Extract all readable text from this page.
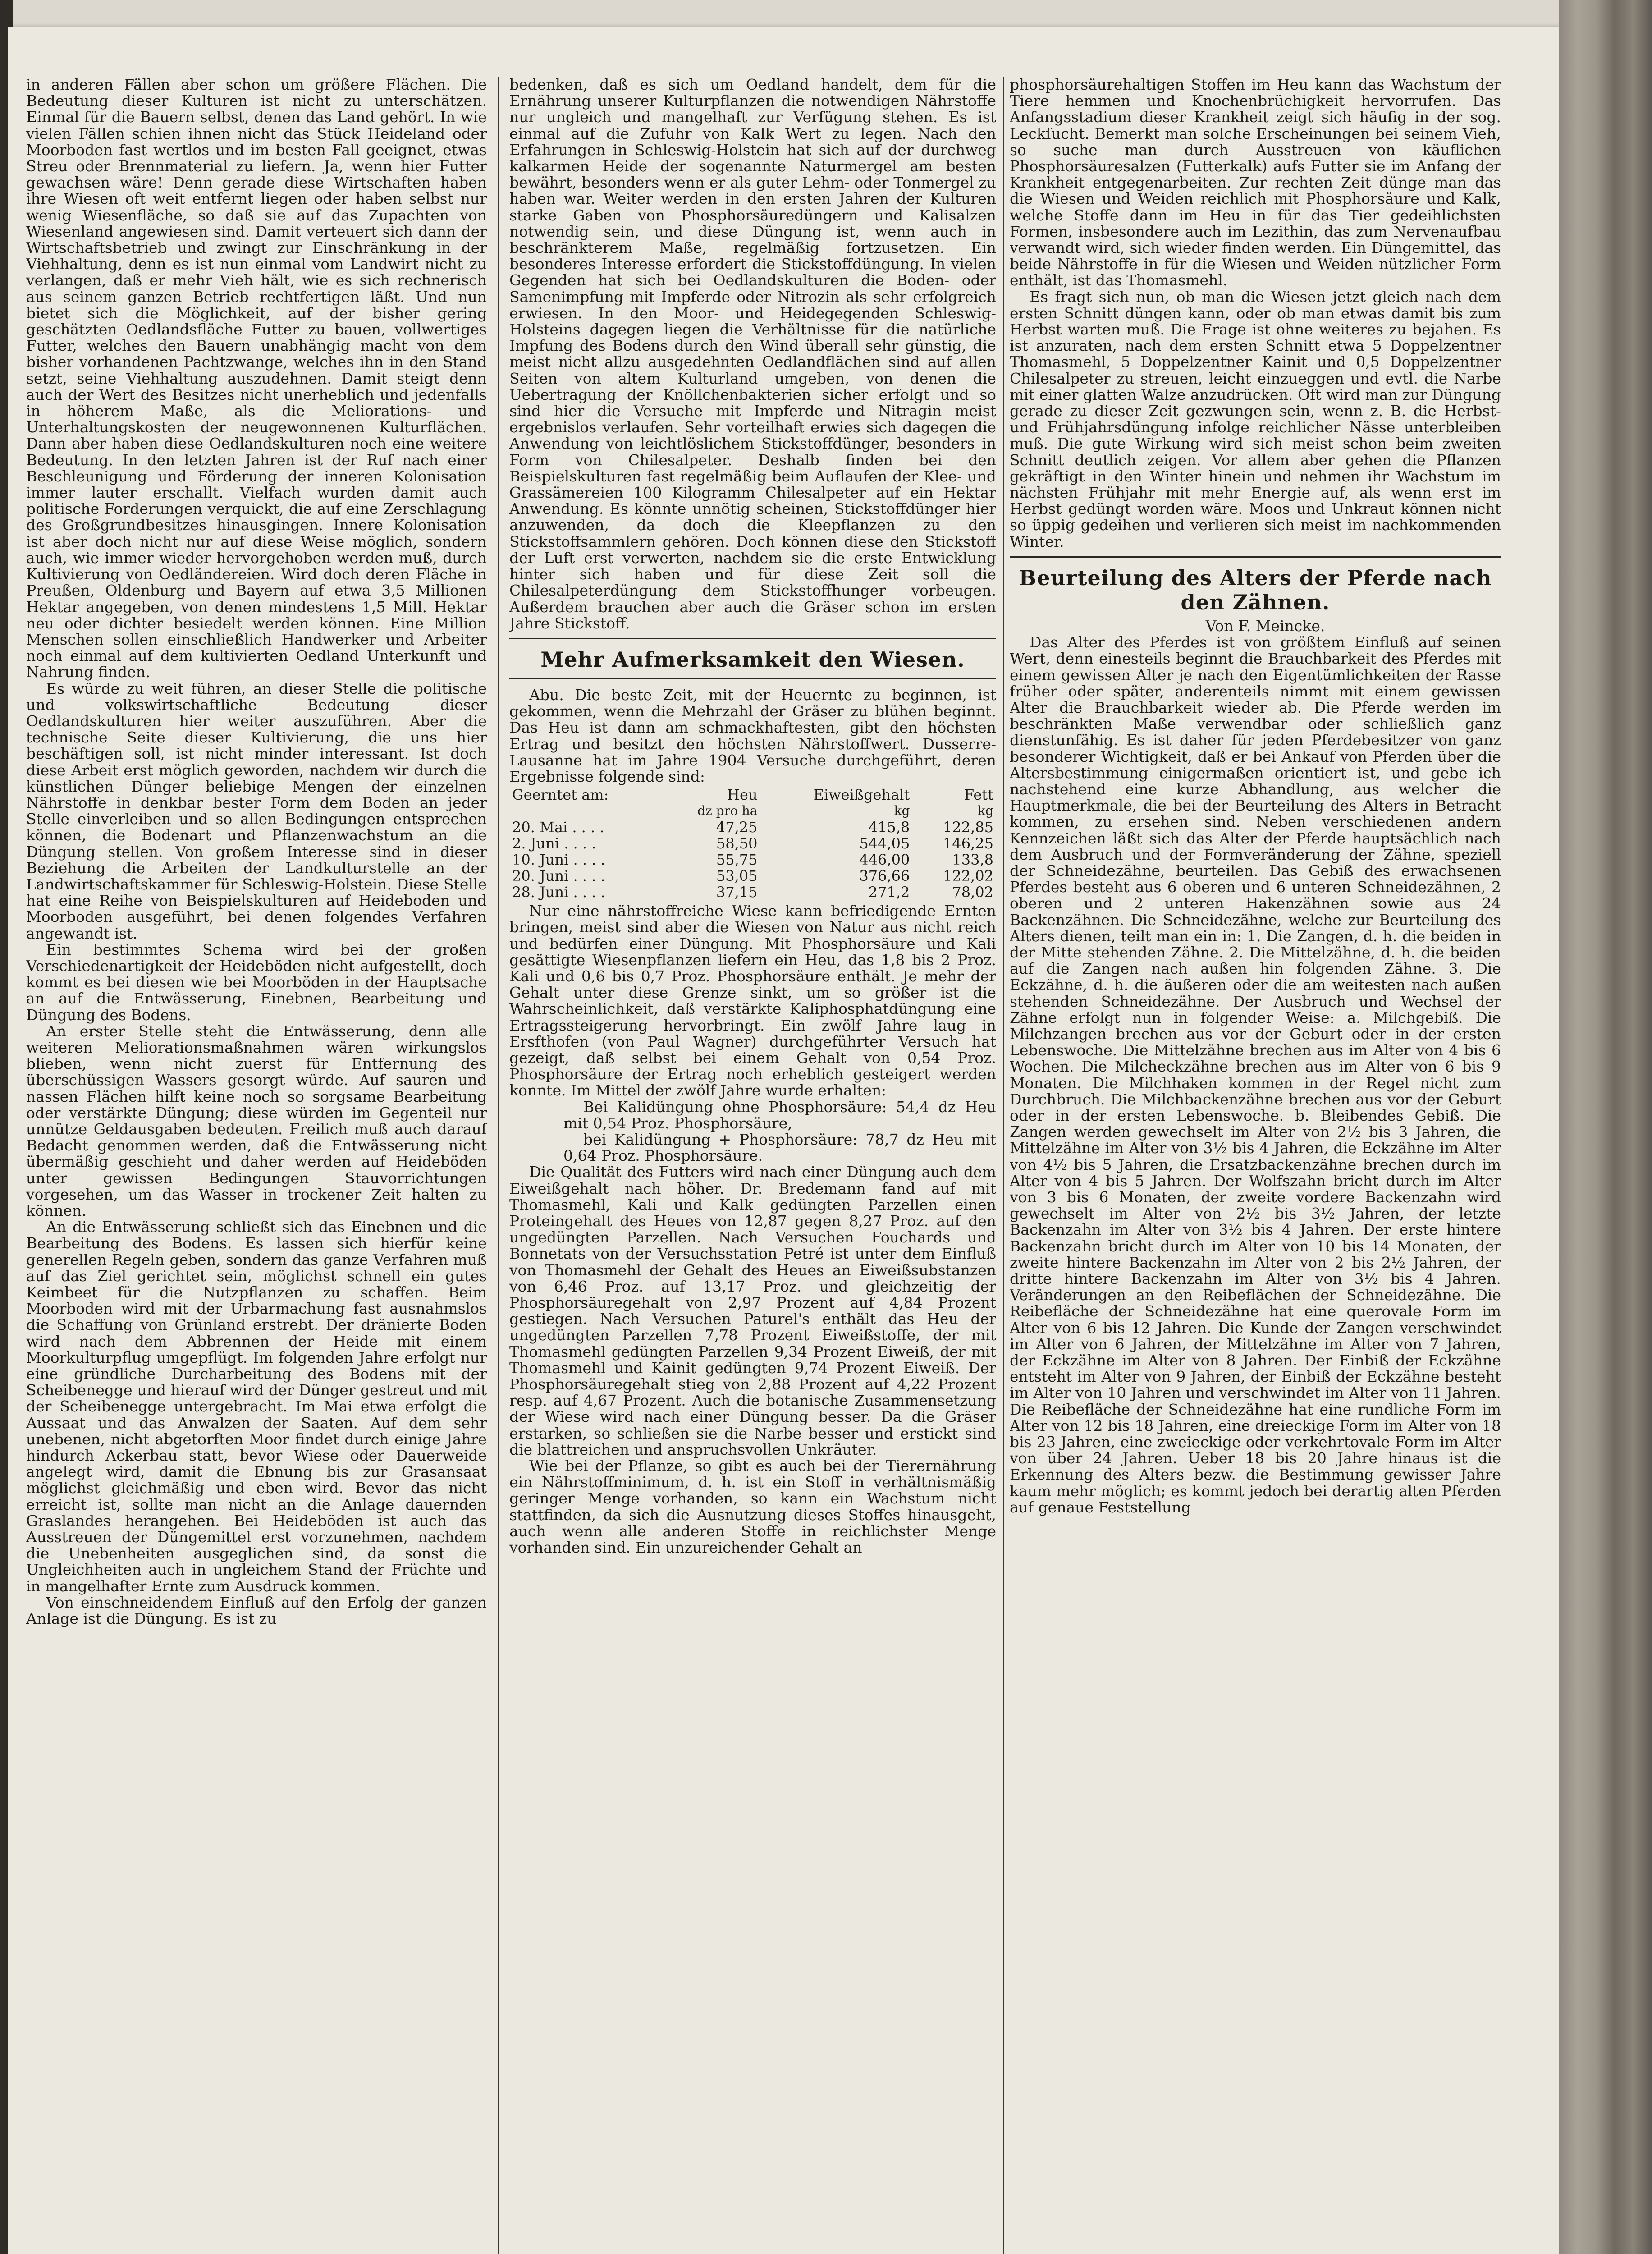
in anderen Fällen aber schon um größere Flächen. Die Bedeutung dieser Kulturen ist nicht zu unterschätzen. Einmal für die Bauern selbst, denen das Land gehört. In wie vielen Fällen schien ihnen nicht das Stück Heideland oder Moorboden fast wertlos und im besten Fall geeignet, etwas Streu oder Brennmaterial zu liefern. Ja, wenn hier Futter gewachsen wäre! Denn gerade diese Wirtschaften haben ihre Wiesen oft weit entfernt liegen oder haben selbst nur wenig Wiesenfläche, so daß sie auf das Zupachten von Wiesenland angewiesen sind. Damit verteuert sich dann der Wirtschaftsbetrieb und zwingt zur Einschränkung in der Viehhaltung, denn es ist nun einmal vom Landwirt nicht zu verlangen, daß er mehr Vieh hält, wie es sich rechnerisch aus seinem ganzen Betrieb rechtfertigen läßt. Und nun bietet sich die Möglichkeit, auf der bisher gering geschätzten Oedlandsfläche Futter zu bauen, vollwertiges Futter, welches den Bauern unabhängig macht von dem bisher vorhandenen Pachtzwange, welches ihn in den Stand setzt, seine Viehhaltung auszudehnen. Damit steigt denn auch der Wert des Besitzes nicht unerheblich und jedenfalls in höherem Maße, als die Meliorations- und Unterhaltungskosten der neugewonnenen Kulturflächen. Dann aber haben diese Oedlandskulturen noch eine weitere Bedeutung. In den letzten Jahren ist der Ruf nach einer Beschleunigung und Förderung der inneren Kolonisation immer lauter erschallt. Vielfach wurden damit auch politische Forderungen verquickt, die auf eine Zerschlagung des Großgrundbesitzes hinausgingen. Innere Kolonisation ist aber doch nicht nur auf diese Weise möglich, sondern auch, wie immer wieder hervorgehoben werden muß, durch Kultivierung von Oedländereien. Wird doch deren Fläche in Preußen, Oldenburg und Bayern auf etwa 3,5 Millionen Hektar angegeben, von denen mindestens 1,5 Mill. Hektar neu oder dichter besiedelt werden können. Eine Million Menschen sollen einschließlich Handwerker und Arbeiter noch einmal auf dem kultivierten Oedland Unterkunft und Nahrung finden.

Es würde zu weit führen, an dieser Stelle die politische und volkswirtschaftliche Bedeutung dieser Oedlandskulturen hier weiter auszuführen. Aber die technische Seite dieser Kultivierung, die uns hier beschäftigen soll, ist nicht minder interessant. Ist doch diese Arbeit erst möglich geworden, nachdem wir durch die künstlichen Dünger beliebige Mengen der einzelnen Nährstoffe in denkbar bester Form dem Boden an jeder Stelle einverleiben und so allen Bedingungen entsprechen können, die Bodenart und Pflanzenwachstum an die Düngung stellen. Von großem Interesse sind in dieser Beziehung die Arbeiten der Landkulturstelle an der Landwirtschaftskammer für Schleswig-Holstein. Diese Stelle hat eine Reihe von Beispielskulturen auf Heideboden und Moorboden ausgeführt, bei denen folgendes Verfahren angewandt ist.

Ein bestimmtes Schema wird bei der großen Verschiedenartigkeit der Heideböden nicht aufgestellt, doch kommt es bei diesen wie bei Moorböden in der Hauptsache an auf die Entwässerung, Einebnen, Bearbeitung und Düngung des Bodens.

An erster Stelle steht die Entwässerung, denn alle weiteren Meliorationsmaßnahmen wären wirkungslos blieben, wenn nicht zuerst für Entfernung des überschüssigen Wassers gesorgt würde. Auf sauren und nassen Flächen hilft keine noch so sorgsame Bearbeitung oder verstärkte Düngung; diese würden im Gegenteil nur unnütze Geldausgaben bedeuten. Freilich muß auch darauf Bedacht genommen werden, daß die Entwässerung nicht übermäßig geschieht und daher werden auf Heideböden unter gewissen Bedingungen Stauvorrichtungen vorgesehen, um das Wasser in trockener Zeit halten zu können.

An die Entwässerung schließt sich das Einebnen und die Bearbeitung des Bodens. Es lassen sich hierfür keine generellen Regeln geben, sondern das ganze Verfahren muß auf das Ziel gerichtet sein, möglichst schnell ein gutes Keimbeet für die Nutzpflanzen zu schaffen. Beim Moorboden wird mit der Urbarmachung fast ausnahmslos die Schaffung von Grünland erstrebt. Der dränierte Boden wird nach dem Abbrennen der Heide mit einem Moorkulturpflug umgepflügt. Im folgenden Jahre erfolgt nur eine gründliche Durcharbeitung des Bodens mit der Scheibenegge und hierauf wird der Dünger gestreut und mit der Scheibenegge untergebracht. Im Mai etwa erfolgt die Aussaat und das Anwalzen der Saaten. Auf dem sehr unebenen, nicht abgetorften Moor findet durch einige Jahre hindurch Ackerbau statt, bevor Wiese oder Dauerweide angelegt wird, damit die Ebnung bis zur Grasansaat möglichst gleichmäßig und eben wird. Bevor das nicht erreicht ist, sollte man nicht an die Anlage dauernden Graslandes herangehen. Bei Heideböden ist auch das Ausstreuen der Düngemittel erst vorzunehmen, nachdem die Unebenheiten ausgeglichen sind, da sonst die Ungleichheiten auch in ungleichem Stand der Früchte und in mangelhafter Ernte zum Ausdruck kommen.

Von einschneidendem Einfluß auf den Erfolg der ganzen Anlage ist die Düngung. Es ist zu

bedenken, daß es sich um Oedland handelt, dem für die Ernährung unserer Kulturpflanzen die notwendigen Nährstoffe nur ungleich und mangelhaft zur Verfügung stehen. Es ist einmal auf die Zufuhr von Kalk Wert zu legen. Nach den Erfahrungen in Schleswig-Holstein hat sich auf der durchweg kalkarmen Heide der sogenannte Naturmergel am besten bewährt, besonders wenn er als guter Lehm- oder Tonmergel zu haben war. Weiter werden in den ersten Jahren der Kulturen starke Gaben von Phosphorsäuredüngern und Kalisalzen notwendig sein, und diese Düngung ist, wenn auch in beschränkterem Maße, regelmäßig fortzusetzen. Ein besonderes Interesse erfordert die Stickstoffdüngung. In vielen Gegenden hat sich bei Oedlandskulturen die Boden- oder Samenimpfung mit Impferde oder Nitrozin als sehr erfolgreich erwiesen. In den Moor- und Heidegegenden Schleswig-Holsteins dagegen liegen die Verhältnisse für die natürliche Impfung des Bodens durch den Wind überall sehr günstig, die meist nicht allzu ausgedehnten Oedlandflächen sind auf allen Seiten von altem Kulturland umgeben, von denen die Uebertragung der Knöllchenbakterien sicher erfolgt und so sind hier die Versuche mit Impferde und Nitragin meist ergebnislos verlaufen. Sehr vorteilhaft erwies sich dagegen die Anwendung von leichtlöslichem Stickstoffdünger, besonders in Form von Chilesalpeter. Deshalb finden bei den Beispielskulturen fast regelmäßig beim Auflaufen der Klee- und Grassämereien 100 Kilogramm Chilesalpeter auf ein Hektar Anwendung. Es könnte unnötig scheinen, Stickstoffdünger hier anzuwenden, da doch die Kleepflanzen zu den Stickstoffsammlern gehören. Doch können diese den Stickstoff der Luft erst verwerten, nachdem sie die erste Entwicklung hinter sich haben und für diese Zeit soll die Chilesalpeterdüngung dem Stickstoffhunger vorbeugen. Außerdem brauchen aber auch die Gräser schon im ersten Jahre Stickstoff.

Mehr Aufmerksamkeit den Wiesen.

Abu. Die beste Zeit, mit der Heuernte zu beginnen, ist gekommen, wenn die Mehrzahl der Gräser zu blühen beginnt. Das Heu ist dann am schmackhaftesten, gibt den höchsten Ertrag und besitzt den höchsten Nährstoffwert. Dusserre-Lausanne hat im Jahre 1904 Versuche durchgeführt, deren Ergebnisse folgende sind:

Geerntet am:	Heu	Eiweißgehalt	Fett
	dz pro ha	kg	kg
20. Mai . . . .	47,25	415,8	122,85
2. Juni . . . .	58,50	544,05	146,25
10. Juni . . . .	55,75	446,00	133,8
20. Juni . . . .	53,05	376,66	122,02
28. Juni . . . .	37,15	271,2	78,02

Nur eine nährstoffreiche Wiese kann befriedigende Ernten bringen, meist sind aber die Wiesen von Natur aus nicht reich und bedürfen einer Düngung. Mit Phosphorsäure und Kali gesättigte Wiesenpflanzen liefern ein Heu, das 1,8 bis 2 Proz. Kali und 0,6 bis 0,7 Proz. Phosphorsäure enthält. Je mehr der Gehalt unter diese Grenze sinkt, um so größer ist die Wahrscheinlichkeit, daß verstärkte Kaliphosphatdüngung eine Ertragssteigerung hervorbringt. Ein zwölf Jahre laug in Ersfthofen (von Paul Wagner) durchgeführter Versuch hat gezeigt, daß selbst bei einem Gehalt von 0,54 Proz. Phosphorsäure der Ertrag noch erheblich gesteigert werden konnte. Im Mittel der zwölf Jahre wurde erhalten:

Bei Kalidüngung ohne Phosphorsäure: 54,4 dz Heu mit 0,54 Proz. Phosphorsäure,

bei Kalidüngung + Phosphorsäure: 78,7 dz Heu mit 0,64 Proz. Phosphorsäure.

Die Qualität des Futters wird nach einer Düngung auch dem Eiweißgehalt nach höher. Dr. Bredemann fand auf mit Thomasmehl, Kali und Kalk gedüngten Parzellen einen Proteingehalt des Heues von 12,87 gegen 8,27 Proz. auf den ungedüngten Parzellen. Nach Versuchen Fouchards und Bonnetats von der Versuchsstation Petré ist unter dem Einfluß von Thomasmehl der Gehalt des Heues an Eiweißsubstanzen von 6,46 Proz. auf 13,17 Proz. und gleichzeitig der Phosphorsäuregehalt von 2,97 Prozent auf 4,84 Prozent gestiegen. Nach Versuchen Paturel's enthält das Heu der ungedüngten Parzellen 7,78 Prozent Eiweißstoffe, der mit Thomasmehl gedüngten Parzellen 9,34 Prozent Eiweiß, der mit Thomasmehl und Kainit gedüngten 9,74 Prozent Eiweiß. Der Phosphorsäuregehalt stieg von 2,88 Prozent auf 4,22 Prozent resp. auf 4,67 Prozent. Auch die botanische Zusammensetzung der Wiese wird nach einer Düngung besser. Da die Gräser erstarken, so schließen sie die Narbe besser und erstickt sind die blattreichen und anspruchsvollen Unkräuter.

Wie bei der Pflanze, so gibt es auch bei der Tierernährung ein Nährstoffminimum, d. h. ist ein Stoff in verhältnismäßig geringer Menge vorhanden, so kann ein Wachstum nicht stattfinden, da sich die Ausnutzung dieses Stoffes hinausgeht, auch wenn alle anderen Stoffe in reichlichster Menge vorhanden sind. Ein unzureichender Gehalt an

phosphorsäurehaltigen Stoffen im Heu kann das Wachstum der Tiere hemmen und Knochenbrüchigkeit hervorrufen. Das Anfangsstadium dieser Krankheit zeigt sich häufig in der sog. Leckſucht. Bemerkt man solche Erscheinungen bei seinem Vieh, so suche man durch Ausstreuen von käuflichen Phosphorsäuresalzen (Futterkalk) aufs Futter sie im Anfang der Krankheit entgegenarbeiten. Zur rechten Zeit dünge man das die Wiesen und Weiden reichlich mit Phosphorsäure und Kalk, welche Stoffe dann im Heu in für das Tier gedeihlichsten Formen, insbesondere auch im Lezithin, das zum Nervenaufbau verwandt wird, sich wieder finden werden. Ein Düngemittel, das beide Nährstoffe in für die Wiesen und Weiden nützlicher Form enthält, ist das Thomasmehl.

Es fragt sich nun, ob man die Wiesen jetzt gleich nach dem ersten Schnitt düngen kann, oder ob man etwas damit bis zum Herbst warten muß. Die Frage ist ohne weiteres zu bejahen. Es ist anzuraten, nach dem ersten Schnitt etwa 5 Doppelzentner Thomasmehl, 5 Doppelzentner Kainit und 0,5 Doppelzentner Chilesalpeter zu streuen, leicht einzueggen und evtl. die Narbe mit einer glatten Walze anzudrücken. Oft wird man zur Düngung gerade zu dieser Zeit gezwungen sein, wenn z. B. die Herbst- und Frühjahrsdüngung infolge reichlicher Nässe unterbleiben muß. Die gute Wirkung wird sich meist schon beim zweiten Schnitt deutlich zeigen. Vor allem aber gehen die Pflanzen gekräftigt in den Winter hinein und nehmen ihr Wachstum im nächsten Frühjahr mit mehr Energie auf, als wenn erst im Herbst gedüngt worden wäre. Moos und Unkraut können nicht so üppig gedeihen und verlieren sich meist im nachkommenden Winter.

Beurteilung des Alters der Pferde nach den Zähnen.

Von F. Meincke.

Das Alter des Pferdes ist von größtem Einfluß auf seinen Wert, denn einesteils beginnt die Brauchbarkeit des Pferdes mit einem gewissen Alter je nach den Eigentümlichkeiten der Rasse früher oder später, anderenteils nimmt mit einem gewissen Alter die Brauchbarkeit wieder ab. Die Pferde werden im beschränkten Maße verwendbar oder schließlich ganz dienstunfähig. Es ist daher für jeden Pferdebesitzer von ganz besonderer Wichtigkeit, daß er bei Ankauf von Pferden über die Altersbestimmung einigermaßen orientiert ist, und gebe ich nachstehend eine kurze Abhandlung, aus welcher die Hauptmerkmale, die bei der Beurteilung des Alters in Betracht kommen, zu ersehen sind. Neben verschiedenen andern Kennzeichen läßt sich das Alter der Pferde hauptsächlich nach dem Ausbruch und der Formveränderung der Zähne, speziell der Schneidezähne, beurteilen. Das Gebiß des erwachsenen Pferdes besteht aus 6 oberen und 6 unteren Schneidezähnen, 2 oberen und 2 unteren Hakenzähnen sowie aus 24 Backenzähnen. Die Schneidezähne, welche zur Beurteilung des Alters dienen, teilt man ein in: 1. Die Zangen, d. h. die beiden in der Mitte stehenden Zähne. 2. Die Mittelzähne, d. h. die beiden auf die Zangen nach außen hin folgenden Zähne. 3. Die Eckzähne, d. h. die äußeren oder die am weitesten nach außen stehenden Schneidezähne. Der Ausbruch und Wechsel der Zähne erfolgt nun in folgender Weise: a. Milchgebiß. Die Milchzangen brechen aus vor der Geburt oder in der ersten Lebenswoche. Die Mittelzähne brechen aus im Alter von 4 bis 6 Wochen. Die Milcheckzähne brechen aus im Alter von 6 bis 9 Monaten. Die Milchhaken kommen in der Regel nicht zum Durchbruch. Die Milchbackenzähne brechen aus vor der Geburt oder in der ersten Lebenswoche. b. Bleibendes Gebiß. Die Zangen werden gewechselt im Alter von 2½ bis 3 Jahren, die Mittelzähne im Alter von 3½ bis 4 Jahren, die Eckzähne im Alter von 4½ bis 5 Jahren, die Ersatzbackenzähne brechen durch im Alter von 4 bis 5 Jahren. Der Wolfszahn bricht durch im Alter von 3 bis 6 Monaten, der zweite vordere Backenzahn wird gewechselt im Alter von 2½ bis 3½ Jahren, der letzte Backenzahn im Alter von 3½ bis 4 Jahren. Der erste hintere Backenzahn bricht durch im Alter von 10 bis 14 Monaten, der zweite hintere Backenzahn im Alter von 2 bis 2½ Jahren, der dritte hintere Backenzahn im Alter von 3½ bis 4 Jahren. Veränderungen an den Reibeflächen der Schneidezähne. Die Reibefläche der Schneidezähne hat eine querovale Form im Alter von 6 bis 12 Jahren. Die Kunde der Zangen verschwindet im Alter von 6 Jahren, der Mittelzähne im Alter von 7 Jahren, der Eckzähne im Alter von 8 Jahren. Der Einbiß der Eckzähne entsteht im Alter von 9 Jahren, der Einbiß der Eckzähne besteht im Alter von 10 Jahren und verschwindet im Alter von 11 Jahren. Die Reibefläche der Schneidezähne hat eine rundliche Form im Alter von 12 bis 18 Jahren, eine dreieckige Form im Alter von 18 bis 23 Jahren, eine zweieckige oder verkehrtovale Form im Alter von über 24 Jahren. Ueber 18 bis 20 Jahre hinaus ist die Erkennung des Alters bezw. die Bestimmung gewisser Jahre kaum mehr möglich; es kommt jedoch bei derartig alten Pferden auf genaue Feststellung
